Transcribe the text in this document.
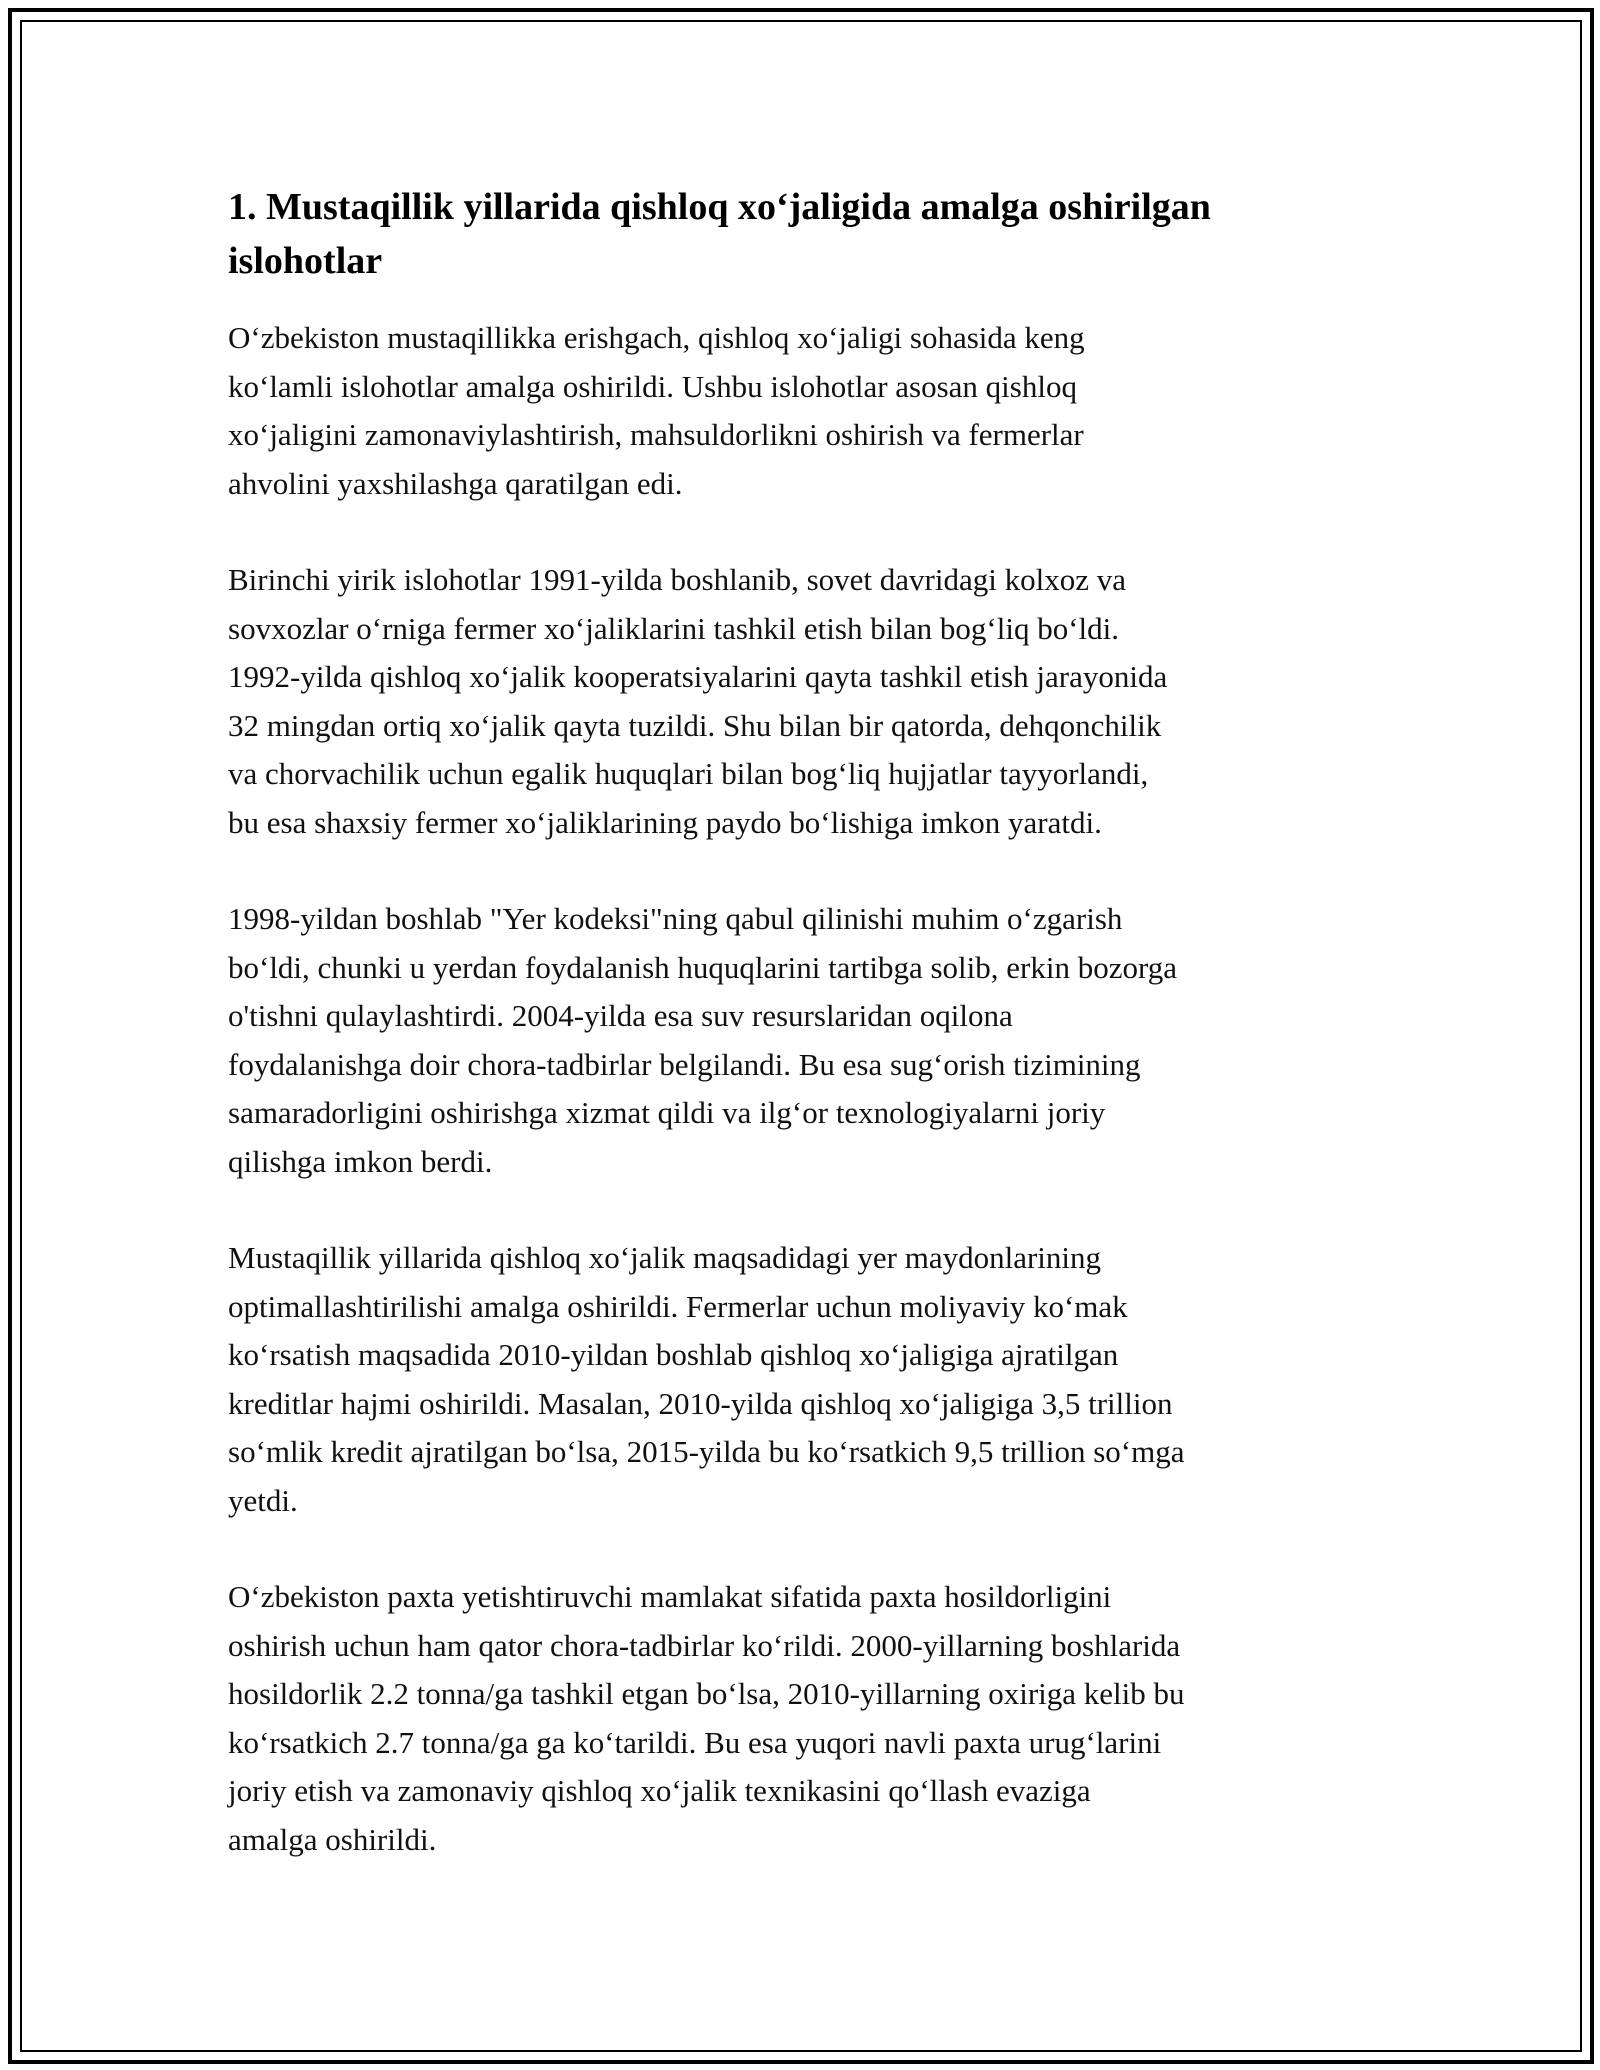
1. Mustaqillik yillarida qishloq xoʻjaligida amalga oshirilgan
islohotlar

Oʻzbekiston mustaqillikka erishgach, qishloq xoʻjaligi sohasida keng
koʻlamli islohotlar amalga oshirildi. Ushbu islohotlar asosan qishloq
xoʻjaligini zamonaviylashtirish, mahsuldorlikni oshirish va fermerlar
ahvolini yaxshilashga qaratilgan edi.

Birinchi yirik islohotlar 1991-yilda boshlanib, sovet davridagi kolxoz va
sovxozlar oʻrniga fermer xoʻjaliklarini tashkil etish bilan bogʻliq boʻldi.
1992-yilda qishloq xoʻjalik kooperatsiyalarini qayta tashkil etish jarayonida
32 mingdan ortiq xoʻjalik qayta tuzildi. Shu bilan bir qatorda, dehqonchilik
va chorvachilik uchun egalik huquqlari bilan bogʻliq hujjatlar tayyorlandi,
bu esa shaxsiy fermer xoʻjaliklarining paydo boʻlishiga imkon yaratdi.

1998-yildan boshlab "Yer kodeksi"ning qabul qilinishi muhim oʻzgarish
boʻldi, chunki u yerdan foydalanish huquqlarini tartibga solib, erkin bozorga
o'tishni qulaylashtirdi. 2004-yilda esa suv resurslaridan oqilona
foydalanishga doir chora-tadbirlar belgilandi. Bu esa sugʻorish tizimining
samaradorligini oshirishga xizmat qildi va ilgʻor texnologiyalarni joriy
qilishga imkon berdi.

Mustaqillik yillarida qishloq xoʻjalik maqsadidagi yer maydonlarining
optimallashtirilishi amalga oshirildi. Fermerlar uchun moliyaviy koʻmak
koʻrsatish maqsadida 2010-yildan boshlab qishloq xoʻjaligiga ajratilgan
kreditlar hajmi oshirildi. Masalan, 2010-yilda qishloq xoʻjaligiga 3,5 trillion
soʻmlik kredit ajratilgan boʻlsa, 2015-yilda bu koʻrsatkich 9,5 trillion soʻmga
yetdi.

Oʻzbekiston paxta yetishtiruvchi mamlakat sifatida paxta hosildorligini
oshirish uchun ham qator chora-tadbirlar koʻrildi. 2000-yillarning boshlarida
hosildorlik 2.2 tonna/ga tashkil etgan boʻlsa, 2010-yillarning oxiriga kelib bu
koʻrsatkich 2.7 tonna/ga ga koʻtarildi. Bu esa yuqori navli paxta urugʻlarini
joriy etish va zamonaviy qishloq xoʻjalik texnikasini qoʻllash evaziga
amalga oshirildi.
